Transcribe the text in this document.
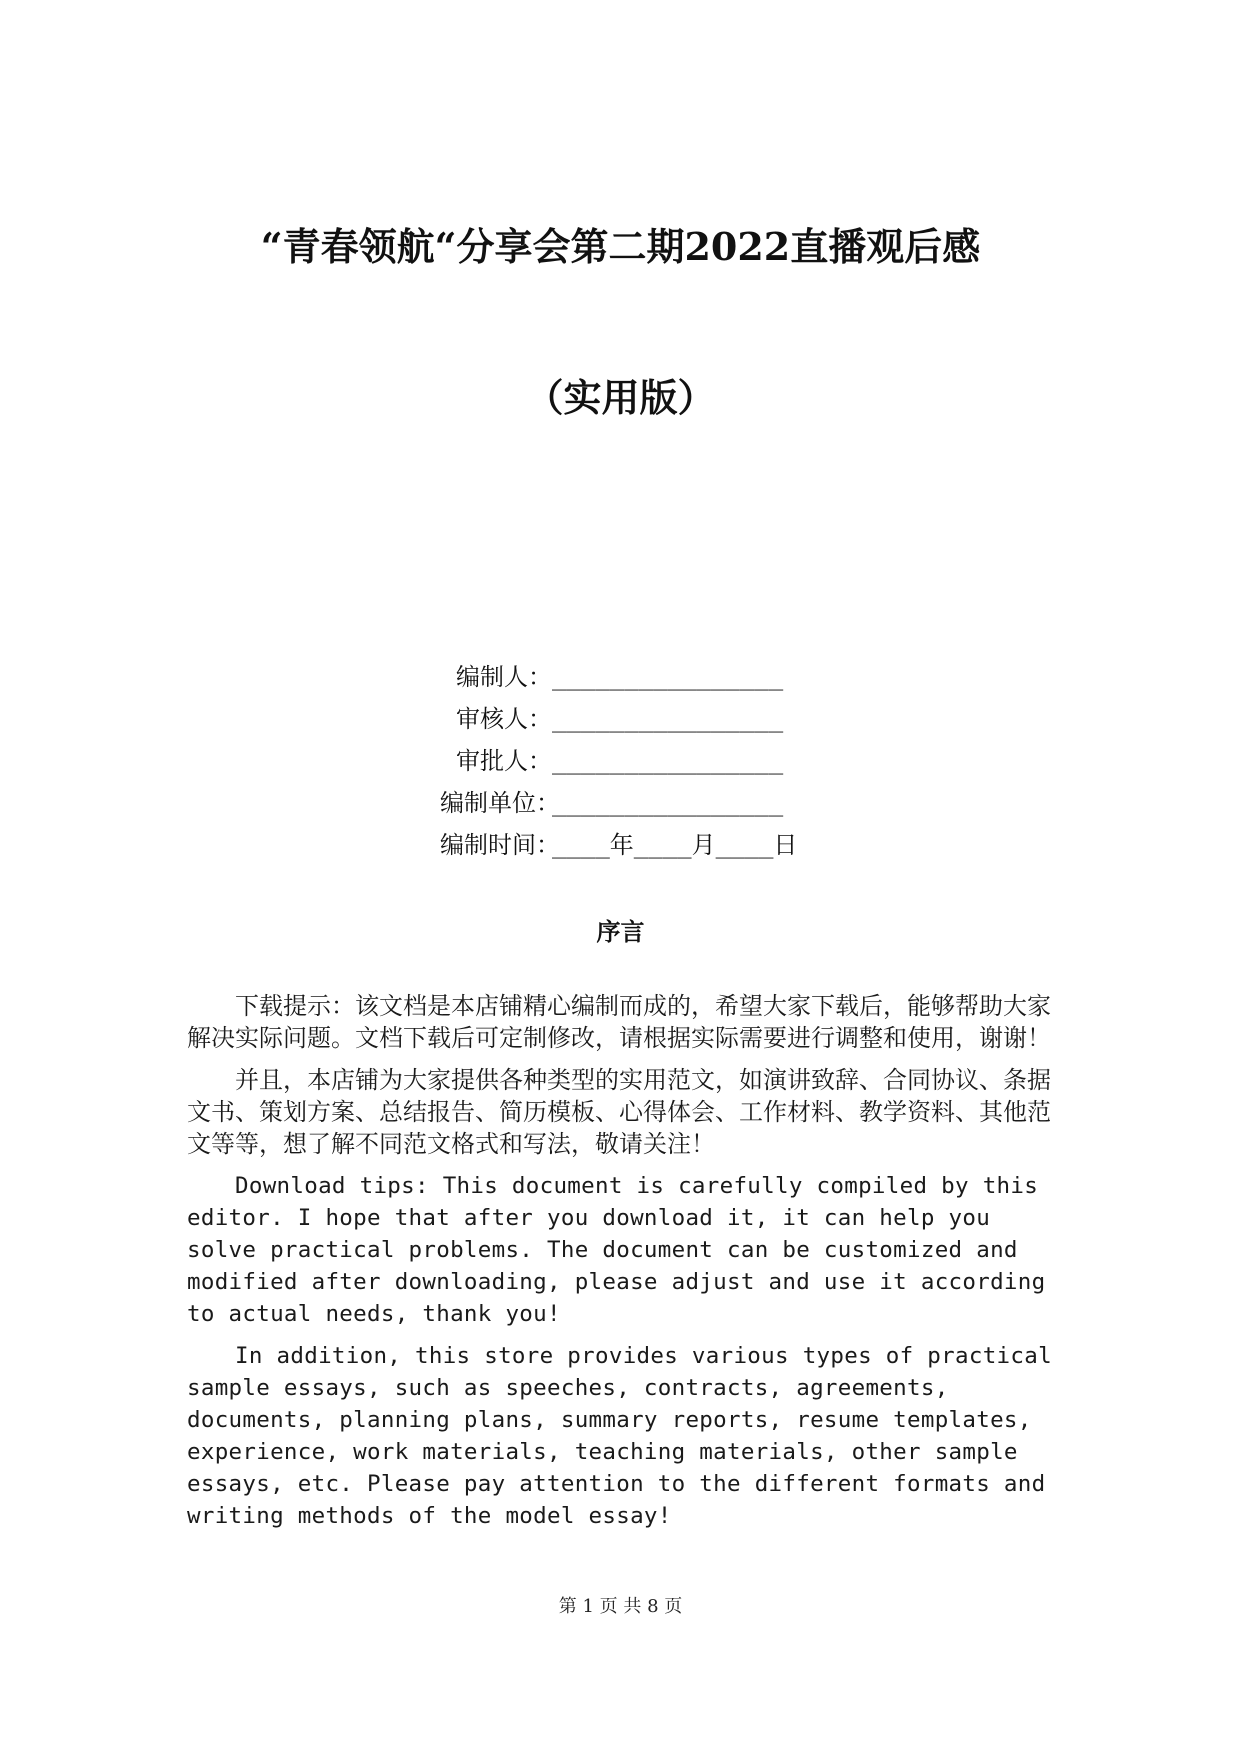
“青春领航“分享会第二期2022直播观后感
（实用版）
编制人： ________________
审核人： ________________
审批人： ________________
编制单位：
________________
编制时间：
____年____月____日
序言

下载提示：该文档是本店铺精心编制而成的，希望大家下载后，能够帮助大家解决实际问题。文档下载后可定制修改，请根据实际需要进行调整和使用，谢谢！

并且，本店铺为大家提供各种类型的实用范文，如演讲致辞、合同协议、条据文书、策划方案、总结报告、简历模板、心得体会、工作材料、教学资料、其他范文等等，想了解不同范文格式和写法，敬请关注！

Download tips: This document is carefully compiled by this editor. I hope that after you download it, it can help you solve practical problems. The document can be customized and modified after downloading, please adjust and use it according to actual needs, thank you!

In addition, this store provides various types of practical sample essays, such as speeches, contracts, agreements, documents, planning plans, summary reports, resume templates, experience, work materials, teaching materials, other sample essays, etc. Please pay attention to the different formats and writing methods of the model essay!

第 1 页 共 8 页
